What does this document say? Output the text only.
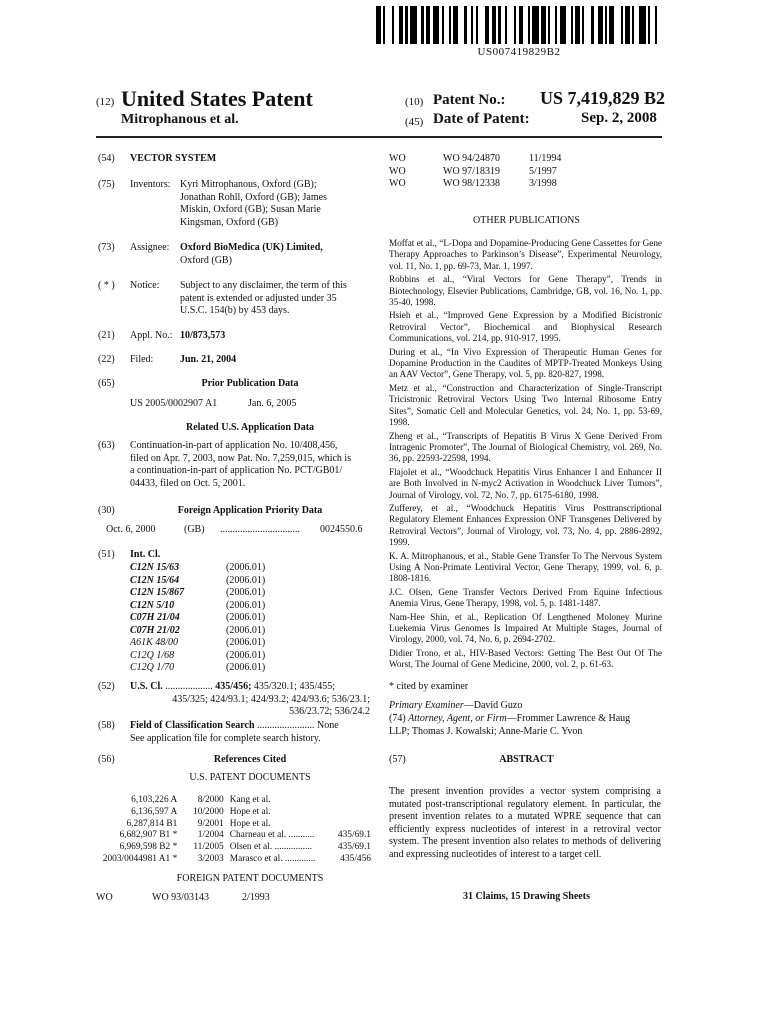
US007419829B2
(12) United States Patent
Mitrophanous et al.
(10) Patent No.: US 7,419,829 B2
(45) Date of Patent:	Sep. 2, 2008
(54) VECTOR SYSTEM
(75) Inventors: Kyri Mitrophanous, Oxford (GB);
Jonathan Rohll, Oxford (GB); James
Miskin, Oxford (GB); Susan Marie
Kingsman, Oxford (GB)
(73) Assignee: Oxford BioMedica (UK) Limited,
Oxford (GB)
( * ) Notice: Subject to any disclaimer, the term of this
patent is extended or adjusted under 35
U.S.C. 154(b) by 453 days.
(21) Appl. No.: 10/873,573
(22) Filed:	Jun. 21, 2004
(65)	Prior Publication Data
US 2005/0002907 A1	Jan. 6, 2005
Related U.S. Application Data
(63) Continuation-in-part of application No. 10/408,456,
filed on Apr. 7, 2003, now Pat. No. 7,259,015, which is
a continuation-in-part of application No. PCT/GB01/
04433, filed on Oct. 5, 2001.
(30)	Foreign Application Priority Data
Oct. 6, 2000	(GB) ................................ 0024550.6
(51) Int. Cl.
C12N 15/63	(2006.01)
C12N 15/64	(2006.01)
C12N 15/867	(2006.01)
C12N 5/10	(2006.01)
C07H 21/04	(2006.01)
C07H 21/02	(2006.01)
A61K 48/00	(2006.01)
C12Q 1/68	(2006.01)
C12Q 1/70	(2006.01)
(52) U.S. Cl. ................... 435/456; 435/320.1; 435/455;
435/325; 424/93.1; 424/93.2; 424/93.6; 536/23.1;
536/23.72; 536/24.2
(58) Field of Classification Search ....................... None
See application file for complete search history.
(56)	References Cited
U.S. PATENT DOCUMENTS
6,103,226 A	8/2000 Kang et al.
6,136,597 A	10/2000 Hope et al.
6,287,814 B1	9/2001 Hope et al.
6,682,907 B1 *	1/2004 Charneau et al. ...........	435/69.1
6,969,598 B2 *	11/2005 Olsen et al. ................	435/69.1
2003/0044981 A1 *	3/2003 Marasco et al. .............	435/456
FOREIGN PATENT DOCUMENTS
WO	WO 93/03143	2/1993
WO	WO 94/24870	11/1994
WO	WO 97/18319	5/1997
WO	WO 98/12338	3/1998
OTHER PUBLICATIONS

Moffat et al., “L-Dopa and Dopamine-Producing Gene Cassettes for Gene Therapy Approaches to Parkinson’s Disease”, Experimental Neurology, vol. 11, No. 1, pp. 69-73, Mar. 1, 1997.

Robbins et al., “Viral Vectors for Gene Therapy”, Trends in Biotechnology, Elsevier Publications, Cambridge, GB, vol. 16, No. 1, pp. 35-40, 1998.

Hsieh et al., “Improved Gene Expression by a Modified Bicistronic Retroviral Vector”, Biochemical and Biophysical Research Communications, vol. 214, pp. 910-917, 1995.

During et al., “In Vivo Expression of Therapeutic Human Genes for Dopamine Production in the Caudites of MPTP-Treated Monkeys Using an AAV Vector”, Gene Therapy, vol. 5, pp. 820-827, 1998.

Metz et al., “Construction and Characterization of Single-Transcript Tricistronic Retroviral Vectors Using Two Internal Ribosome Entry Sites”, Somatic Cell and Molecular Genetics, vol. 24, No. 1, pp. 53-69, 1998.

Zheng et al., “Transcripts of Hepatitis B Virus X Gene Derived From Intragenic Promoter”, The Journal of Biological Chemistry, vol. 269, No. 36, pp. 22593-22598, 1994.

Flajolet et al., “Woodchuck Hepatitis Virus Enhancer I and Enhancer II are Both Involved in N-myc2 Activation in Woodchuck Liver Tumors”, Journal of Virology, vol. 72, No. 7, pp. 6175-6180, 1998.

Zufferey, et al., “Woodchuck Hepatitis Virus Posttranscriptional Regulatory Element Enhances Expression ONF Transgenes Delivered by Retroviral Vectors”, Journal of Virology, vol. 73, No. 4, pp. 2886-2892, 1999.

K. A. Mitrophanous, et al., Stable Gene Transfer To The Nervous System Using A Non-Primate Lentiviral Vector, Gene Therapy, 1999, vol. 6, p. 1808-1816.

J.C. Olsen, Gene Transfer Vectors Derived From Equine Infectious Anemia Virus, Gene Therapy, 1998, vol. 5, p. 1481-1487.

Nam-Hee Shin, et al., Replication Of Lengthened Moloney Murine Luekemia Virus Genomes Is Impaired At Multiple Stages, Journal of Virology, 2000, vol. 74, No. 6, p. 2694-2702.

Didier Trono, et al., HIV-Based Vectors: Getting The Best Out Of The Worst, The Journal of Gene Medicine, 2000, vol. 2, p. 61-63.

* cited by examiner
Primary Examiner—David Guzo
(74) Attorney, Agent, or Firm—Frommer Lawrence & Haug
LLP; Thomas J. Kowalski; Anne-Marie C. Yvon
(57)	ABSTRACT
The present invention provides a vector system comprising a mutated post-transcriptional regulatory element. In particular, the present invention relates to a mutated WPRE sequence that can efficiently express nucleotides of interest in a retroviral vector system. The present invention also relates to methods of delivering and expressing nucleotides of interest to a target cell.
31 Claims, 15 Drawing Sheets
